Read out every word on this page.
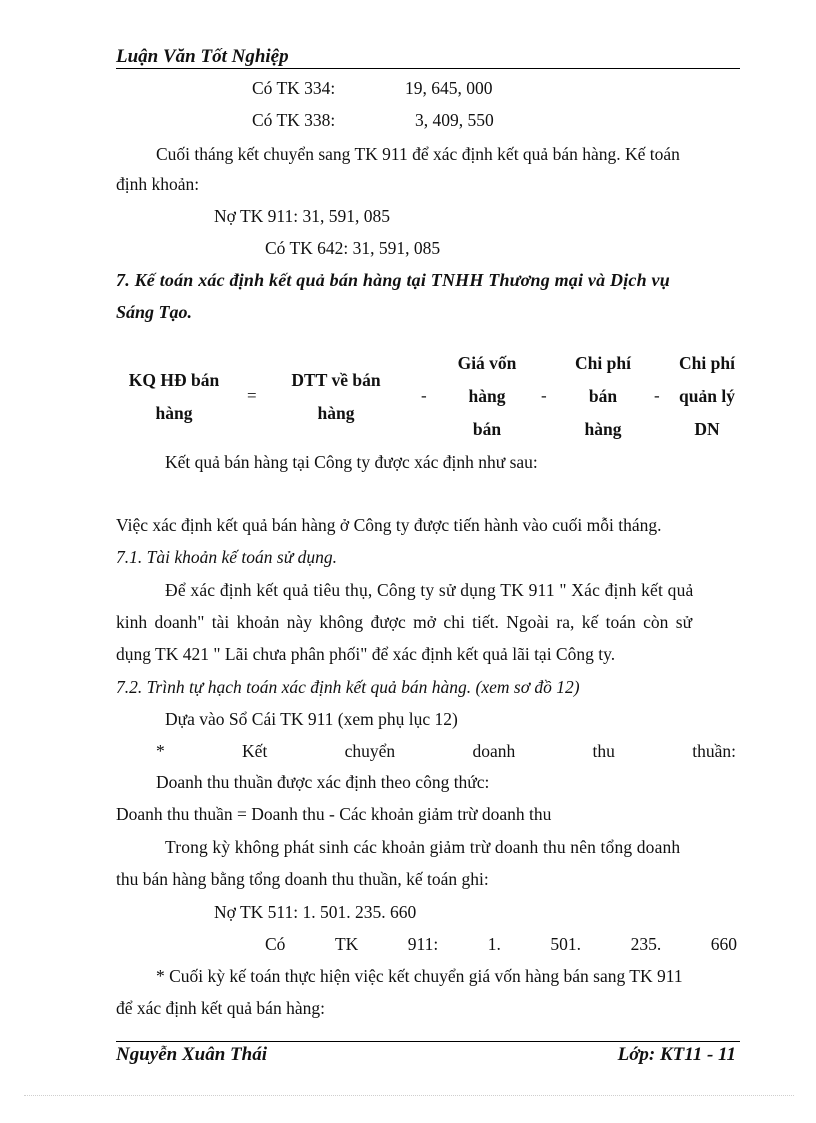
Luận Văn Tốt Nghiệp
Có TK 334:	19, 645, 000
Có TK 338:	3, 409, 550
Cuối tháng kết chuyển sang TK 911 để xác định kết quả bán hàng. Kế toán
định khoản:
Nợ TK 911: 31, 591, 085
Có TK 642: 31, 591, 085
7. Kế toán xác định kết quả bán hàng tại TNHH Thương mại và Dịch vụ
Sáng Tạo.
KQ HĐ bán
hàng
=
DTT về bán
hàng
-
Giá vốn
hàng
bán
-
Chi phí
bán
hàng
-
Chi phí
quản lý
DN
Kết quả bán hàng tại Công ty được xác định như sau:
Việc xác định kết quả bán hàng ở Công ty được tiến hành vào cuối mỗi tháng.
7.1. Tài khoản kế toán sử dụng.
Để xác định kết quả tiêu thụ, Công ty sử dụng TK 911 " Xác định kết quả
kinh doanh" tài khoản này không được mở chi tiết. Ngoài ra, kế toán còn sử
dụng TK 421 " Lãi chưa phân phối" để xác định kết quả lãi tại Công ty.
7.2. Trình tự hạch toán xác định kết quả bán hàng. (xem sơ đồ 12)
Dựa vào Sổ Cái TK 911 (xem phụ lục 12)
*	Kết	chuyển	doanh	thu	thuần:
Doanh thu thuần được xác định theo công thức:
Doanh thu thuần = Doanh thu - Các khoản giảm trừ doanh thu
Trong kỳ không phát sinh các khoản giảm trừ doanh thu nên tổng doanh
thu bán hàng bằng tổng doanh thu thuần, kế toán ghi:
Nợ TK 511: 1. 501. 235. 660
Có	TK	911:	1.	501.	235.	660
* Cuối kỳ kế toán thực hiện việc kết chuyển giá vốn hàng bán sang TK 911
để xác định kết quả bán hàng:
Nguyễn Xuân Thái	Lớp: KT11 - 11
